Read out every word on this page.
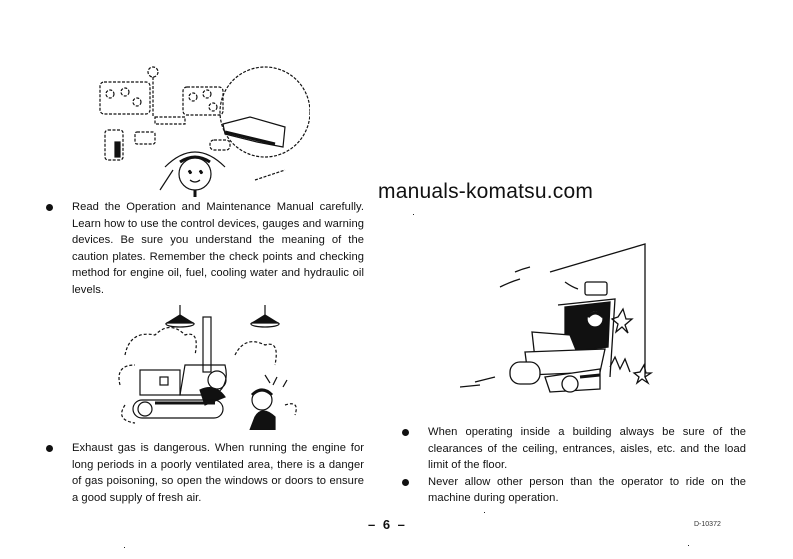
Read the Operation and Maintenance Manual carefully. Learn how to use the control devices, gauges and warning devices. Be sure you understand the meaning of the caution plates. Remember the check points and checking method for engine oil, fuel, cooling water and hydraulic oil levels.
Exhaust gas is dangerous. When running the engine for long periods in a poorly ventilated area, there is a danger of gas poisoning, so open the windows or doors to ensure a good supply of fresh air.
When operating inside a building always be sure of the clearances of the ceiling, entrances, aisles, etc. and the load limit of the floor.
Never allow other person than the operator to ride on the machine during operation.
manuals-komatsu.com
– 6 –	D-10372
